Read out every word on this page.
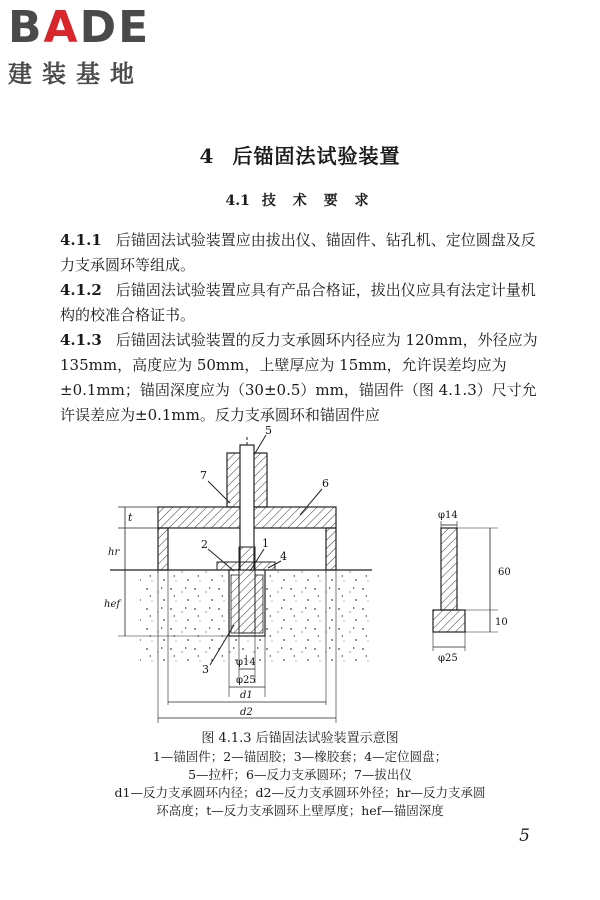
BADE
建装基地
4 后锚固法试验装置
4.1 技 术 要 求
4.1.1 后锚固法试验装置应由拔出仪、锚固件、钻孔机、定位圆盘及反力支承圆环等组成。
4.1.2 后锚固法试验装置应具有产品合格证，拔出仪应具有法定计量机构的校准合格证书。
4.1.3 后锚固法试验装置的反力支承圆环内径应为 120mm，外径应为 135mm，高度应为 50mm，上壁厚应为 15mm，允许误差均应为±0.1mm；锚固深度应为（30±0.5）mm，锚固件（图 4.1.3）尺寸允许误差应为±0.1mm。反力支承圆环和锚固件应
5
7
6
2	1
4
3
t
hr
hef
φ14
φ25
d1
d2
φ14
60
10
φ25
图 4.1.3 后锚固法试验装置示意图
1—锚固件；2—锚固胶；3—橡胶套；4—定位圆盘；
5—拉杆；6—反力支承圆环；7—拔出仪
d1—反力支承圆环内径；d2—反力支承圆环外径；hr—反力支承圆
环高度；t—反力支承圆环上壁厚度；hef—锚固深度
5
